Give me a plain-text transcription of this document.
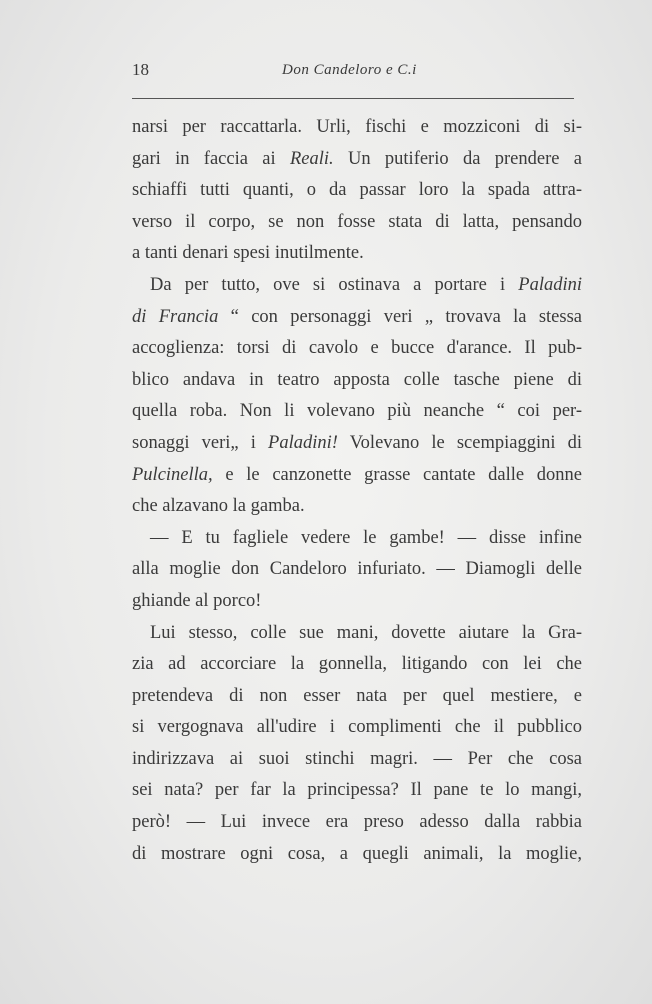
18	Don Candeloro e C.i
narsi per raccattarla. Urli, fischi e mozziconi di si-
gari in faccia ai Reali. Un putiferio da prendere a
schiaffi tutti quanti, o da passar loro la spada attra-
verso il corpo, se non fosse stata di latta, pensando
a tanti denari spesi inutilmente.
Da per tutto, ove si ostinava a portare i Paladini
di Francia “ con personaggi veri „ trovava la stessa
accoglienza: torsi di cavolo e bucce d'arance. Il pub-
blico andava in teatro apposta colle tasche piene di
quella roba. Non li volevano più neanche “ coi per-
sonaggi veri„ i Paladini! Volevano le scempiaggini di
Pulcinella, e le canzonette grasse cantate dalle donne
che alzavano la gamba.
— E tu fagliele vedere le gambe! — disse infine
alla moglie don Candeloro infuriato. — Diamogli delle
ghiande al porco!
Lui stesso, colle sue mani, dovette aiutare la Gra-
zia ad accorciare la gonnella, litigando con lei che
pretendeva di non esser nata per quel mestiere, e
si vergognava all'udire i complimenti che il pubblico
indirizzava ai suoi stinchi magri. — Per che cosa
sei nata? per far la principessa? Il pane te lo mangi,
però! — Lui invece era preso adesso dalla rabbia
di mostrare ogni cosa, a quegli animali, la moglie,
